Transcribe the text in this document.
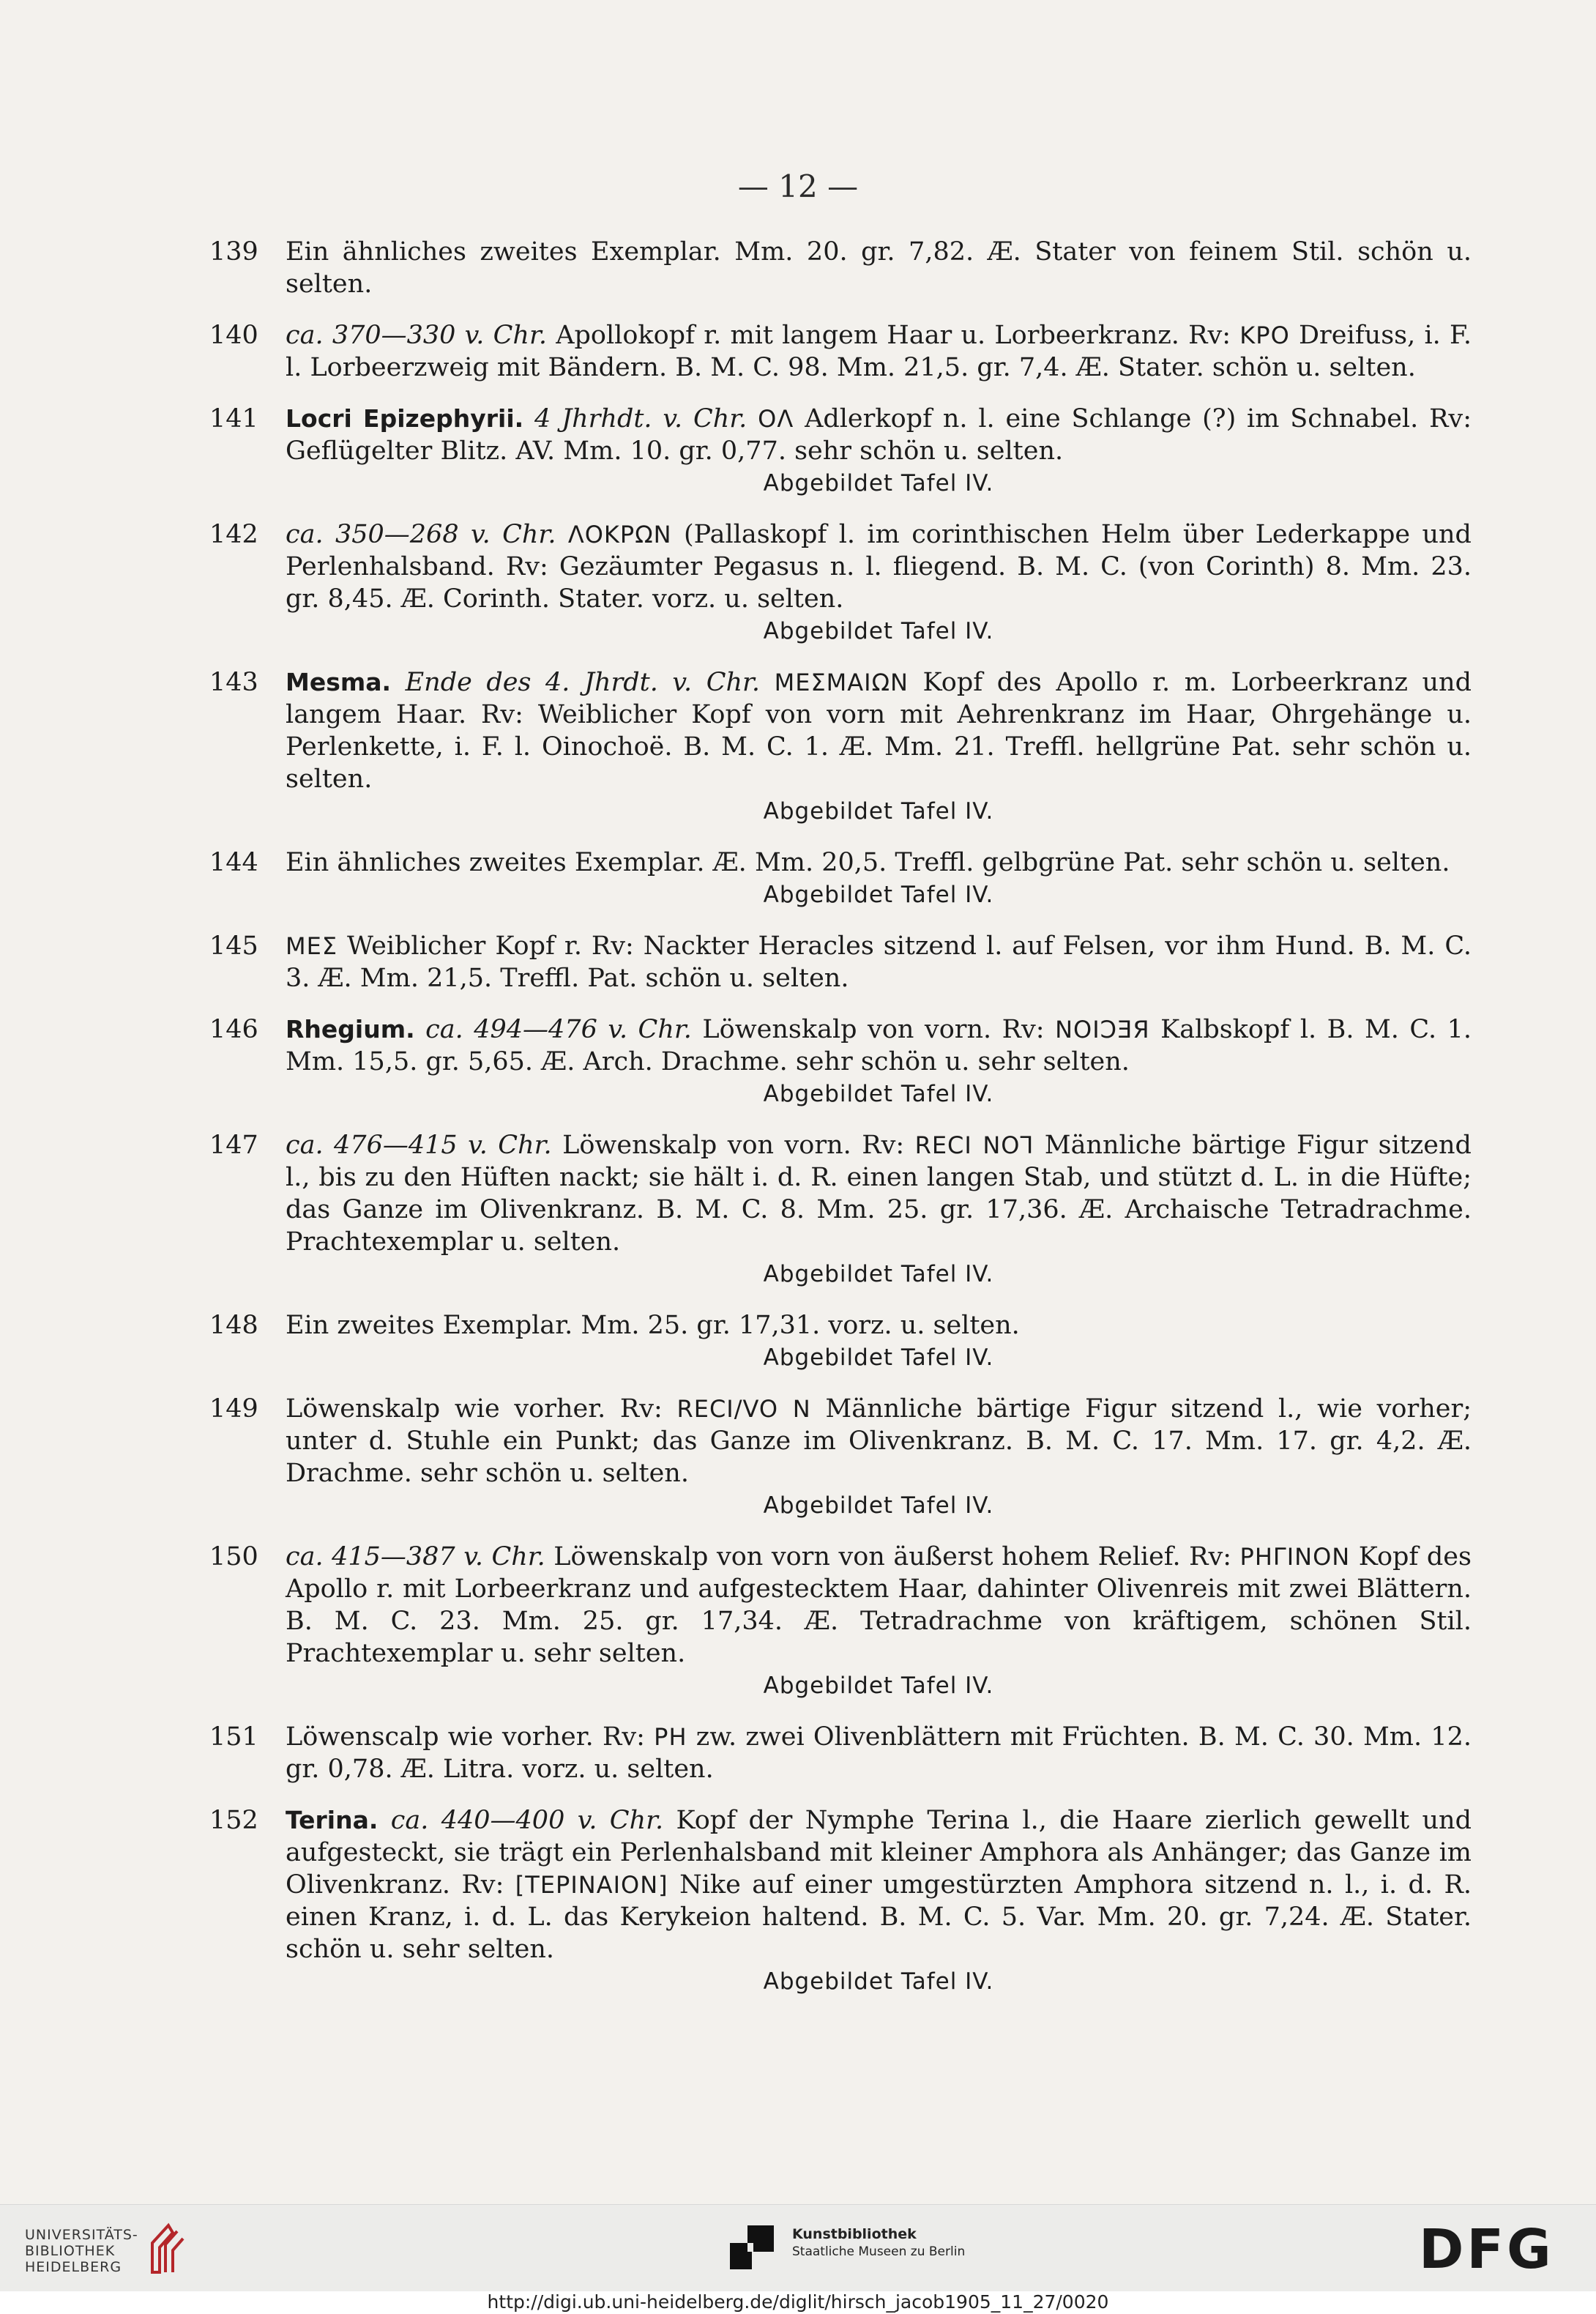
— 12 —
139	Ein ähnliches zweites Exemplar. Mm. 20. gr. 7,82. Æ. Stater von feinem Stil. schön u. selten.
140	ca. 370—330 v. Chr. Apollokopf r. mit langem Haar u. Lorbeerkranz. Rv: KPO Dreifuss, i. F. l. Lorbeerzweig mit Bändern. B. M. C. 98. Mm. 21,5. gr. 7,4. Æ. Stater. schön u. selten.
141	Locri Epizephyrii. 4 Jhrhdt. v. Chr. ΟΛ Adlerkopf n. l. eine Schlange (?) im Schnabel. Rv: Geflügelter Blitz. AV. Mm. 10. gr. 0,77. sehr schön u. selten.
Abgebildet Tafel IV.
142	ca. 350—268 v. Chr. ΛΟΚΡΩΝ (Pallaskopf l. im corinthischen Helm über Lederkappe und Perlenhalsband. Rv: Gezäumter Pegasus n. l. fliegend. B. M. C. (von Corinth) 8. Mm. 23. gr. 8,45. Æ. Corinth. Stater. vorz. u. selten.
Abgebildet Tafel IV.
143	Mesma. Ende des 4. Jhrdt. v. Chr. ΜΕΣΜΑΙΩΝ Kopf des Apollo r. m. Lorbeerkranz und langem Haar. Rv: Weiblicher Kopf von vorn mit Aehrenkranz im Haar, Ohrgehänge u. Perlenkette, i. F. l. Oinochoë. B. M. C. 1. Æ. Mm. 21. Treffl. hellgrüne Pat. sehr schön u. selten.
Abgebildet Tafel IV.
144	Ein ähnliches zweites Exemplar. Æ. Mm. 20,5. Treffl. gelbgrüne Pat. sehr schön u. selten.
Abgebildet Tafel IV.
145	ΜΕΣ Weiblicher Kopf r. Rv: Nackter Heracles sitzend l. auf Felsen, vor ihm Hund. B. M. C. 3. Æ. Mm. 21,5. Treffl. Pat. schön u. selten.
146	Rhegium. ca. 494—476 v. Chr. Löwenskalp von vorn. Rv: NOIƆƎЯ Kalbskopf l. B. M. C. 1. Mm. 15,5. gr. 5,65. Æ. Arch. Drachme. sehr schön u. sehr selten.
Abgebildet Tafel IV.
147	ca. 476—415 v. Chr. Löwenskalp von vorn. Rv: RECI NOꞀ Männliche bärtige Figur sitzend l., bis zu den Hüften nackt; sie hält i. d. R. einen langen Stab, und stützt d. L. in die Hüfte; das Ganze im Olivenkranz. B. M. C. 8. Mm. 25. gr. 17,36. Æ. Archaische Tetradrachme. Prachtexemplar u. selten.
Abgebildet Tafel IV.
148	Ein zweites Exemplar. Mm. 25. gr. 17,31. vorz. u. selten.
Abgebildet Tafel IV.
149	Löwenskalp wie vorher. Rv: RECI/VO N Männliche bärtige Figur sitzend l., wie vorher; unter d. Stuhle ein Punkt; das Ganze im Olivenkranz. B. M. C. 17. Mm. 17. gr. 4,2. Æ. Drachme. sehr schön u. selten.
Abgebildet Tafel IV.
150	ca. 415—387 v. Chr. Löwenskalp von vorn von äußerst hohem Relief. Rv: PHΓINON Kopf des Apollo r. mit Lorbeerkranz und aufgestecktem Haar, dahinter Olivenreis mit zwei Blättern. B. M. C. 23. Mm. 25. gr. 17,34. Æ. Tetradrachme von kräftigem, schönen Stil. Prachtexemplar u. sehr selten.
Abgebildet Tafel IV.
151	Löwenscalp wie vorher. Rv: PH zw. zwei Olivenblättern mit Früchten. B. M. C. 30. Mm. 12. gr. 0,78. Æ. Litra. vorz. u. selten.
152	Terina. ca. 440—400 v. Chr. Kopf der Nymphe Terina l., die Haare zierlich gewellt und aufgesteckt, sie trägt ein Perlenhalsband mit kleiner Amphora als Anhänger; das Ganze im Olivenkranz. Rv: [TEPINAION] Nike auf einer umgestürzten Amphora sitzend n. l., i. d. R. einen Kranz, i. d. L. das Kerykeion haltend. B. M. C. 5. Var. Mm. 20. gr. 7,24. Æ. Stater. schön u. sehr selten.
Abgebildet Tafel IV.
UNIVERSITÄTS-
BIBLIOTHEK
HEIDELBERG
Kunstbibliothek
Staatliche Museen zu Berlin	DFG
http://digi.ub.uni-heidelberg.de/diglit/hirsch_jacob1905_11_27/0020
